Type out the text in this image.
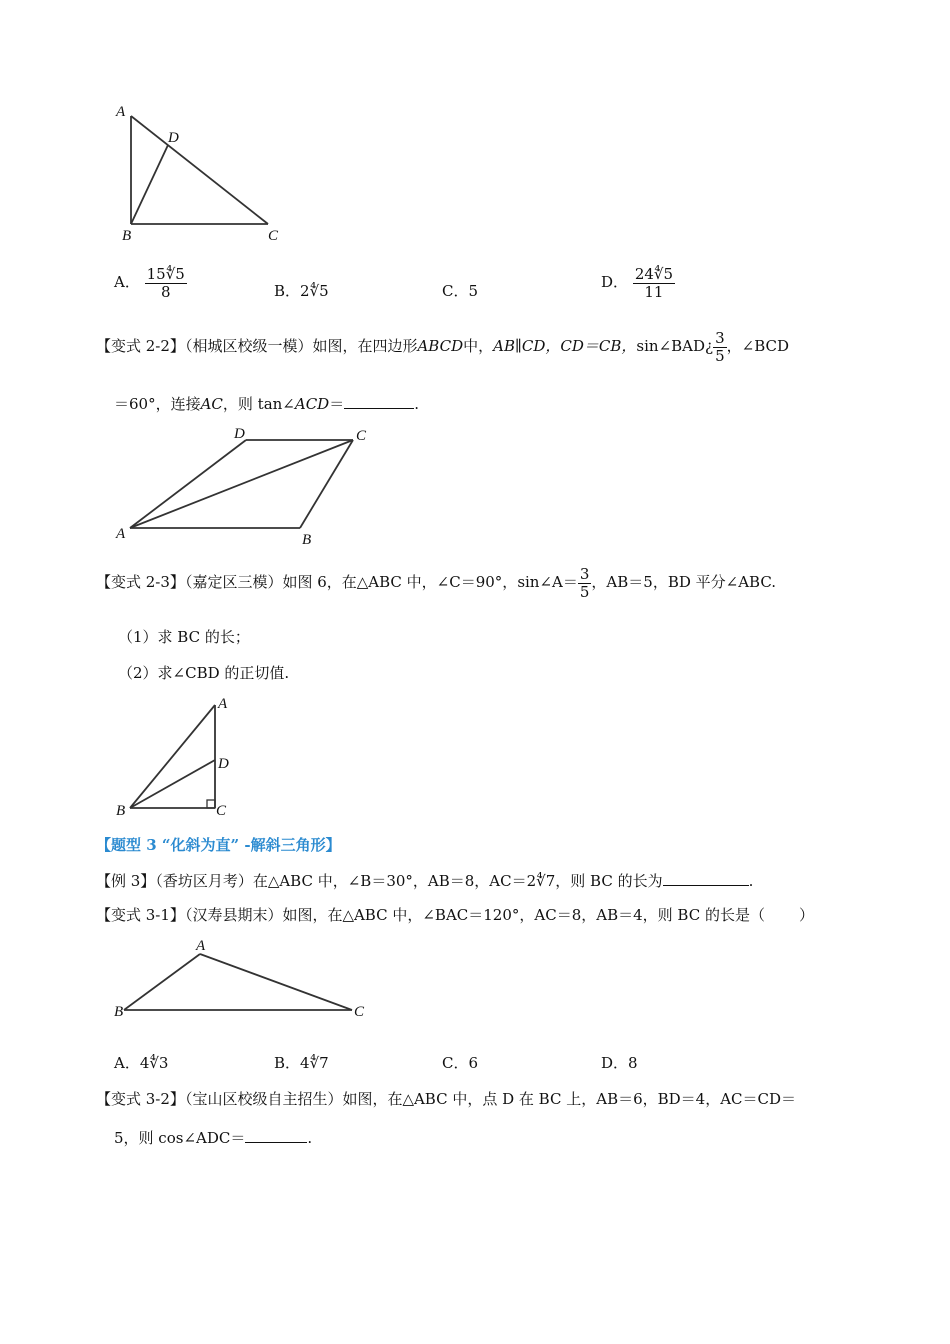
A
D
B	C
A． $\frac{15∜5}{8}$	B．2∜5	C．5	D． $\frac{24∜5}{11}$
【变式 2-2】（相城区校级一模）如图，在四边形ABCD中，AB∥CD，CD＝CB，sin∠BAD¿ $\frac{3}{5}$ ，∠BCD
＝60°，连接AC，则 tan∠ACD＝	.
A	B
C
D
【变式 2-3】（嘉定区三模）如图 6，在△ABC 中，∠C＝90°，sin∠A＝ $\frac{3}{5}$ ，AB＝5，BD 平分∠ABC.
（1）求 BC 的长；
（2）求∠CBD 的正切值.
A
D
B	C
【题型 3 “化斜为直” -解斜三角形】
【例 3】（香坊区月考）在△ABC 中，∠B＝30°，AB＝8，AC＝2∜7，则 BC 的长为	.
【变式 3-1】（汉寿县期末）如图，在△ABC 中，∠BAC＝120°，AC＝8，AB＝4，则 BC 的长是（ ）
A
B	C
A．4∜3	B．4∜7	C．6	D．8
【变式 3-2】（宝山区校级自主招生）如图，在△ABC 中，点 D 在 BC 上，AB＝6，BD＝4，AC＝CD＝
5，则 cos∠ADC＝	.
